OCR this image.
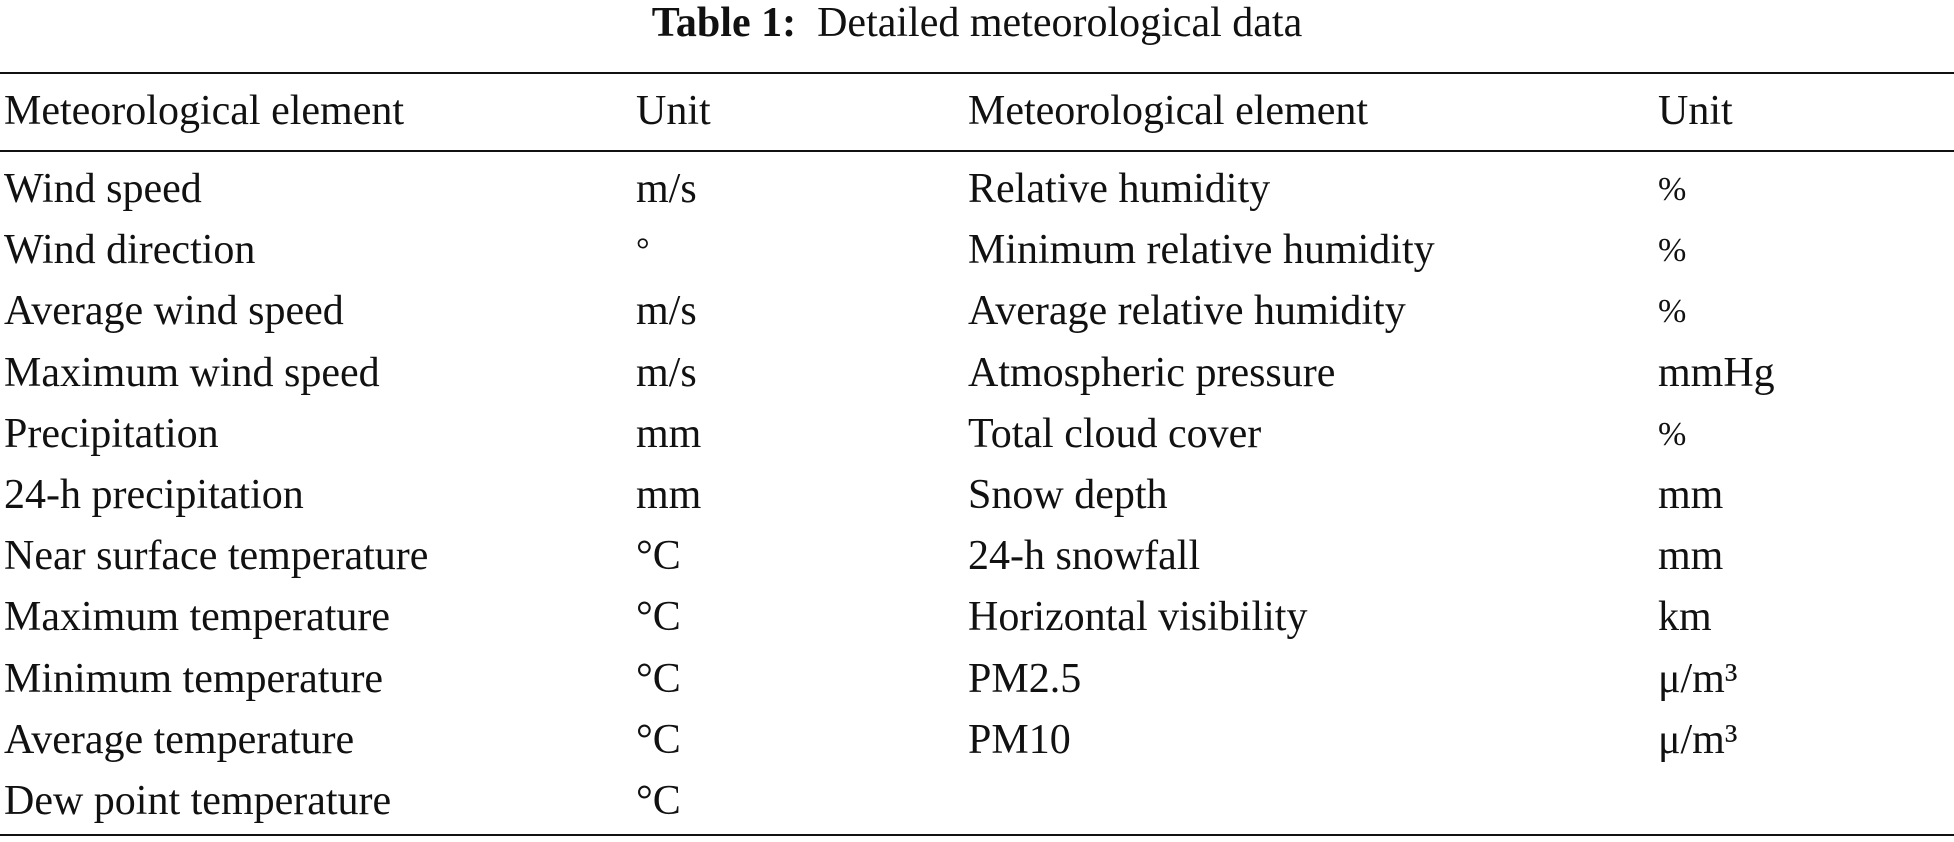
Table 1: Detailed meteorological data
Meteorological element	Unit	Meteorological element	Unit
Wind speed	m/s	Relative humidity	%
Wind direction	°	Minimum relative humidity	%
Average wind speed	m/s	Average relative humidity	%
Maximum wind speed	m/s	Atmospheric pressure	mmHg
Precipitation	mm	Total cloud cover	%
24-h precipitation	mm	Snow depth	mm
Near surface temperature	°C	24-h snowfall	mm
Maximum temperature	°C	Horizontal visibility	km
Minimum temperature	°C	PM2.5	μ/m³
Average temperature	°C	PM10	μ/m³
Dew point temperature	°C
